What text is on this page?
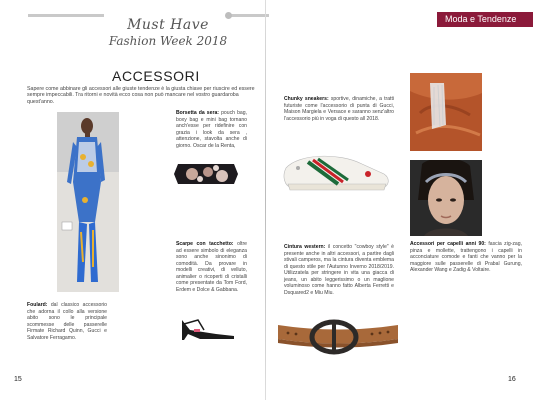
Must Have
Fashion Week 2018
ACCESSORI
Sapere come abbinare gli accessori alle giuste tendenze è la giusta chiave per riuscire ed essere sempre impeccabili. Tra ritorni e novità ecco cosa non può mancare nel vostro guardaroba quest'anno.
Borsetta da sera: pouch bag, boxy bag e mini bag tornano anch'esse per ridefinire con grazia i look da sera , attenzione, stavolta anche di giorno. Oscar de la Renta,
Scarpe con tacchetto: oltre ad essere simbolo di eleganza sono anche sinonimo di comodità. Da provare in modelli creativi, di velluto, animalier o ricoperti di cristalli come presentate da Tom Ford, Erdem e Dolce & Gabbana.
Foulard: dal classico accessorio che adorna il collo alla versione abito sono le principale scommesse delle passerelle Firmate Richard Quinn, Gucci e Salvatore Ferragamo.
15
Moda e Tendenze
Chunky sneakers: sportive, dinamiche, a tratti futuriste come l'accessorio di punta di Gucci, Maison Margiela e Versace e saranno senz'altro l'accessorio più in voga di questo all 2018.
Cintura western: il concetto "cowboy style" è presente anche in altri accessori, a partire dagli stivali camperos, ma la cintura diventa emblema di questo stile per l'Autunno Inverno 2018/2019. Utilizzatela per stringere in vita una giacca di jeans, un abito leggerissimo o un maglione voluminoso come hanno fatto Alberta Ferretti e Dsquared2 e Miu Miu.
Accessori per capelli anni 90: fascia zig-zag, pinza e mollette, trattengono i capelli in acconciature comode e fanti che vanno per la maggiore sulle passerelle di Prabal Gurung, Alexander Wang e Zadig & Voltaire.
16
